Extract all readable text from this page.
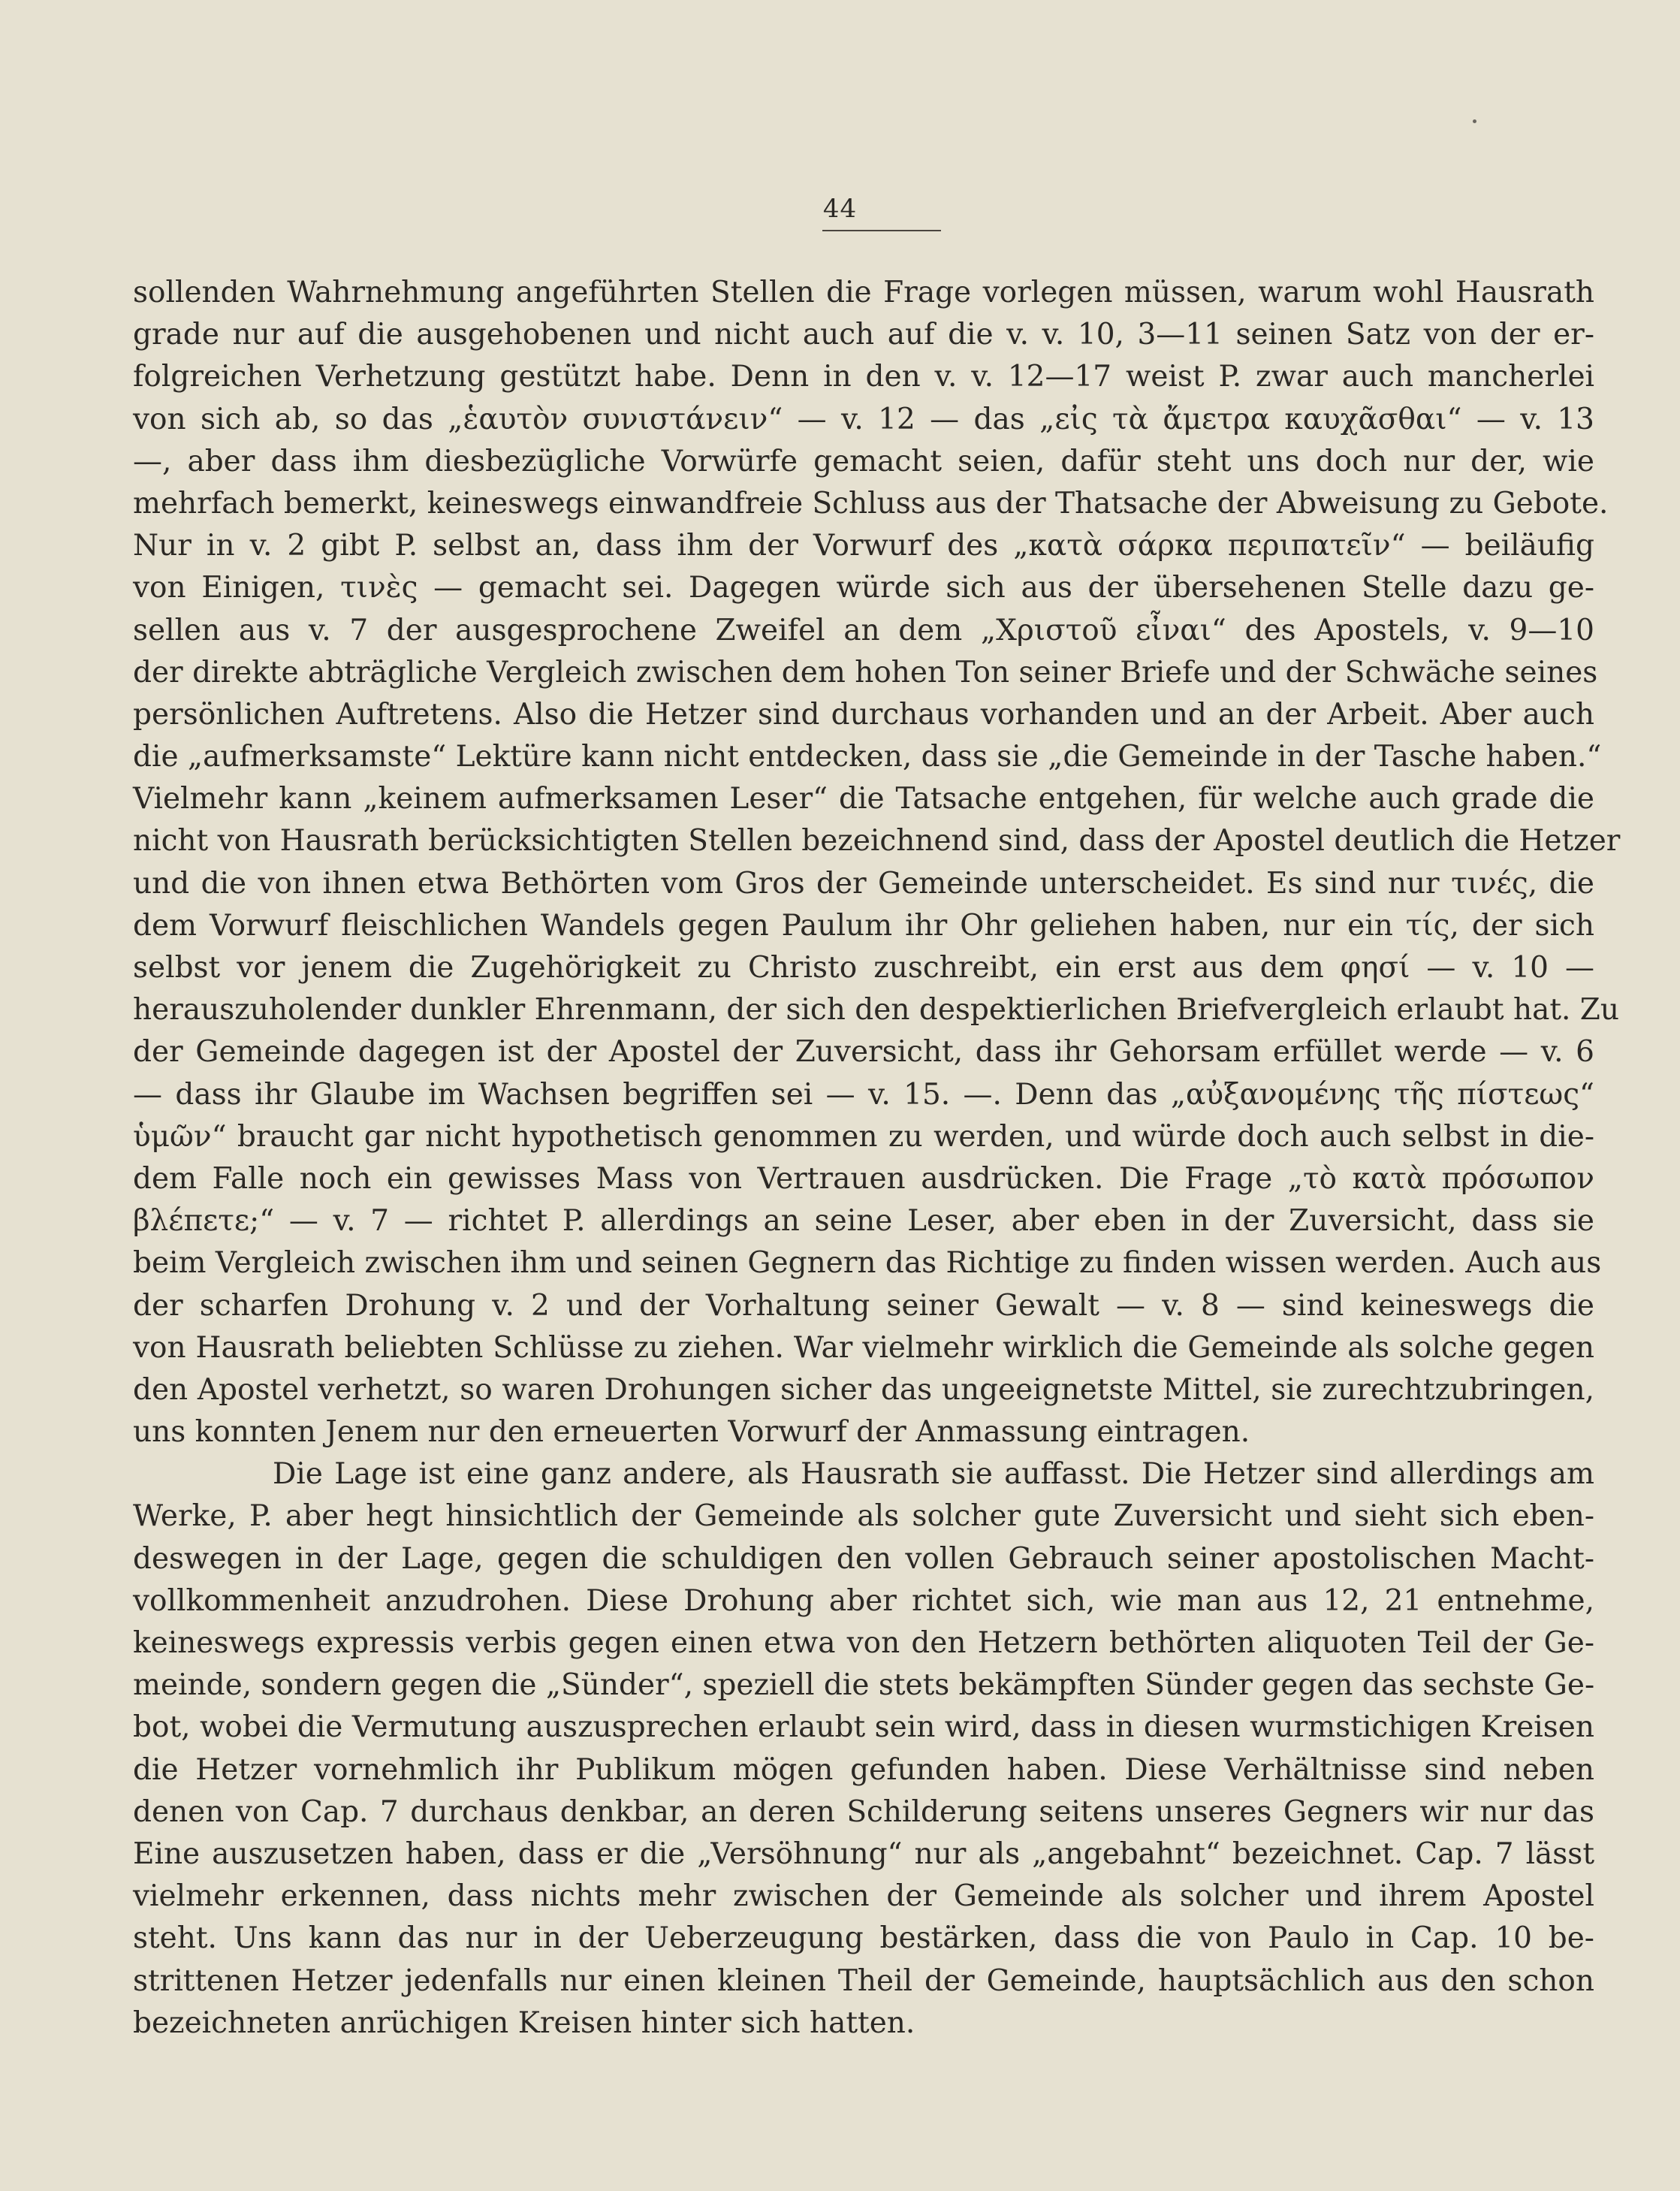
44
sollenden Wahrnehmung angeführten Stellen die Frage vorlegen müssen, warum wohl Hausrath
grade nur auf die ausgehobenen und nicht auch auf die v. v. 10, 3—11 seinen Satz von der er-
folgreichen Verhetzung gestützt habe. Denn in den v. v. 12—17 weist P. zwar auch mancherlei
von sich ab, so das „ἑαυτὸν συνιστάνειν“ — v. 12 — das „εἰς τὰ ἄμετρα καυχᾶσθαι“ — v. 13
—, aber dass ihm diesbezügliche Vorwürfe gemacht seien, dafür steht uns doch nur der, wie
mehrfach bemerkt, keineswegs einwandfreie Schluss aus der Thatsache der Abweisung zu Gebote.
Nur in v. 2 gibt P. selbst an, dass ihm der Vorwurf des „κατὰ σάρκα περιπατεῖν“ — beiläufig
von Einigen, τινὲς — gemacht sei. Dagegen würde sich aus der übersehenen Stelle dazu ge-
sellen aus v. 7 der ausgesprochene Zweifel an dem „Χριστοῦ εἶναι“ des Apostels, v. 9—10
der direkte abträgliche Vergleich zwischen dem hohen Ton seiner Briefe und der Schwäche seines
persönlichen Auftretens. Also die Hetzer sind durchaus vorhanden und an der Arbeit. Aber auch
die „aufmerksamste“ Lektüre kann nicht entdecken, dass sie „die Gemeinde in der Tasche haben.“
Vielmehr kann „keinem aufmerksamen Leser“ die Tatsache entgehen, für welche auch grade die
nicht von Hausrath berücksichtigten Stellen bezeichnend sind, dass der Apostel deutlich die Hetzer
und die von ihnen etwa Bethörten vom Gros der Gemeinde unterscheidet. Es sind nur τινές, die
dem Vorwurf fleischlichen Wandels gegen Paulum ihr Ohr geliehen haben, nur ein τίς, der sich
selbst vor jenem die Zugehörigkeit zu Christo zuschreibt, ein erst aus dem φησί — v. 10 —
herauszuholender dunkler Ehrenmann, der sich den despektierlichen Briefvergleich erlaubt hat. Zu
der Gemeinde dagegen ist der Apostel der Zuversicht, dass ihr Gehorsam erfüllet werde — v. 6
— dass ihr Glaube im Wachsen begriffen sei — v. 15. —. Denn das „αὐξανομένης τῆς πίστεως“
ὑμῶν“ braucht gar nicht hypothetisch genommen zu werden, und würde doch auch selbst in die-
dem Falle noch ein gewisses Mass von Vertrauen ausdrücken. Die Frage „τὸ κατὰ πρόσωπον
βλέπετε;“ — v. 7 — richtet P. allerdings an seine Leser, aber eben in der Zuversicht, dass sie
beim Vergleich zwischen ihm und seinen Gegnern das Richtige zu finden wissen werden. Auch aus
der scharfen Drohung v. 2 und der Vorhaltung seiner Gewalt — v. 8 — sind keineswegs die
von Hausrath beliebten Schlüsse zu ziehen. War vielmehr wirklich die Gemeinde als solche gegen
den Apostel verhetzt, so waren Drohungen sicher das ungeeignetste Mittel, sie zurechtzubringen,
uns konnten Jenem nur den erneuerten Vorwurf der Anmassung eintragen.
Die Lage ist eine ganz andere, als Hausrath sie auffasst. Die Hetzer sind allerdings am
Werke, P. aber hegt hinsichtlich der Gemeinde als solcher gute Zuversicht und sieht sich eben-
deswegen in der Lage, gegen die schuldigen den vollen Gebrauch seiner apostolischen Macht-
vollkommenheit anzudrohen. Diese Drohung aber richtet sich, wie man aus 12, 21 entnehme,
keineswegs expressis verbis gegen einen etwa von den Hetzern bethörten aliquoten Teil der Ge-
meinde, sondern gegen die „Sünder“, speziell die stets bekämpften Sünder gegen das sechste Ge-
bot, wobei die Vermutung auszusprechen erlaubt sein wird, dass in diesen wurmstichigen Kreisen
die Hetzer vornehmlich ihr Publikum mögen gefunden haben. Diese Verhältnisse sind neben
denen von Cap. 7 durchaus denkbar, an deren Schilderung seitens unseres Gegners wir nur das
Eine auszusetzen haben, dass er die „Versöhnung“ nur als „angebahnt“ bezeichnet. Cap. 7 lässt
vielmehr erkennen, dass nichts mehr zwischen der Gemeinde als solcher und ihrem Apostel
steht. Uns kann das nur in der Ueberzeugung bestärken, dass die von Paulo in Cap. 10 be-
strittenen Hetzer jedenfalls nur einen kleinen Theil der Gemeinde, hauptsächlich aus den schon
bezeichneten anrüchigen Kreisen hinter sich hatten.
